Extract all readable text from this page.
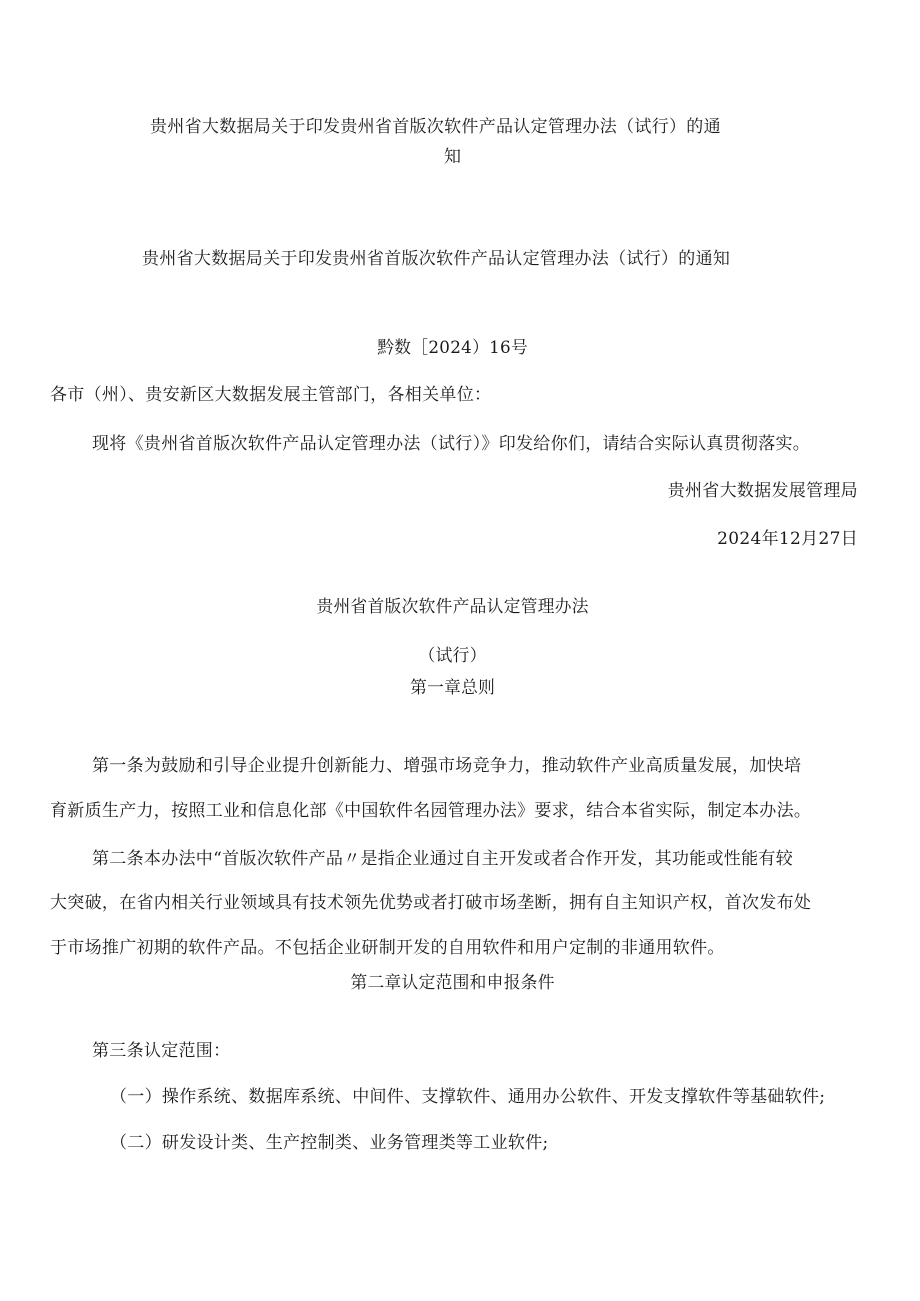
贵州省大数据局关于印发贵州省首版次软件产品认定管理办法（试行）的通
知
贵州省大数据局关于印发贵州省首版次软件产品认定管理办法（试行）的通知
黔数［2024）16号
各市（州）、贵安新区大数据发展主管部门，各相关单位：
现将《贵州省首版次软件产品认定管理办法（试行）》印发给你们，请结合实际认真贯彻落实。
贵州省大数据发展管理局
2024年12月27日
贵州省首版次软件产品认定管理办法
（试行）
第一章总则
第一条为鼓励和引导企业提升创新能力、增强市场竞争力，推动软件产业高质量发展，加快培
育新质生产力，按照工业和信息化部《中国软件名园管理办法》要求，结合本省实际，制定本办法。
第二条本办法中“首版次软件产品〃是指企业通过自主开发或者合作开发，其功能或性能有较
大突破，在省内相关行业领域具有技术领先优势或者打破市场垄断，拥有自主知识产权，首次发布处
于市场推广初期的软件产品。不包括企业研制开发的自用软件和用户定制的非通用软件。
第二章认定范围和申报条件
第三条认定范围：
（一）操作系统、数据库系统、中间件、支撑软件、通用办公软件、开发支撑软件等基础软件;
（二）研发设计类、生产控制类、业务管理类等工业软件;
